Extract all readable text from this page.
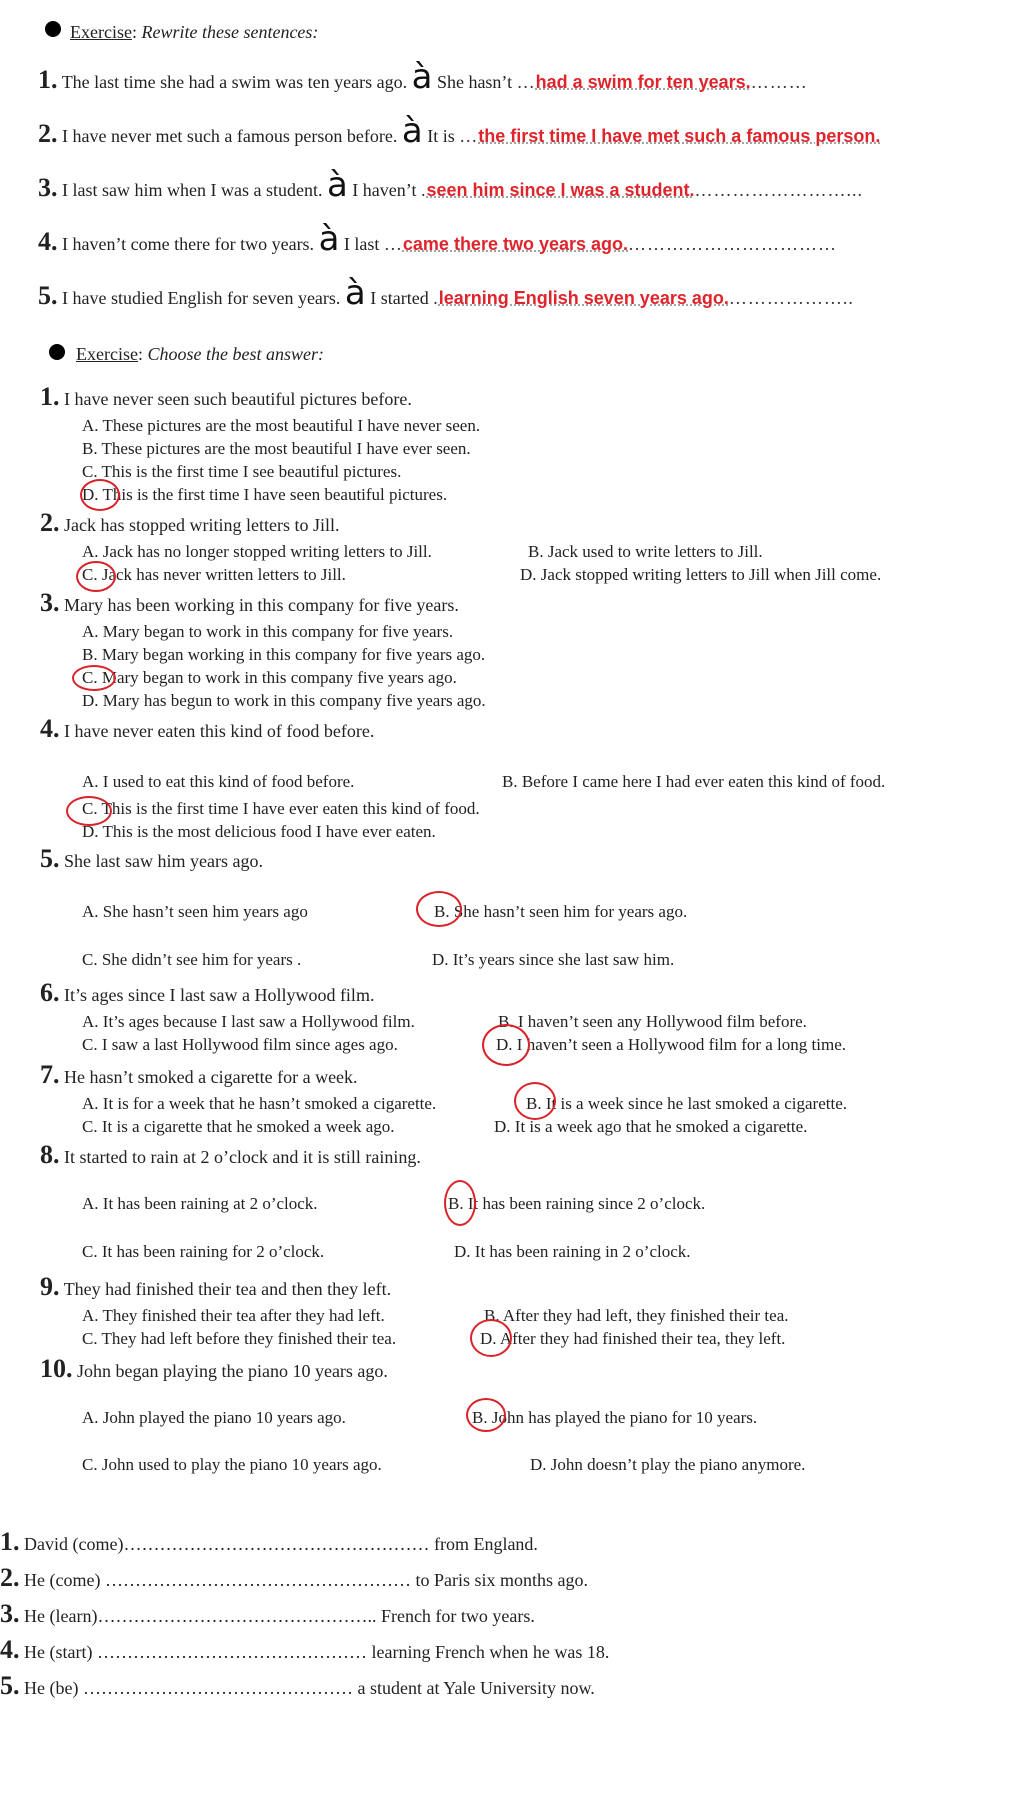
Exercise: Rewrite these sentences:
1. The last time she had a swim was ten years ago. à She hasn’t …had a swim for ten years.………
2. I have never met such a famous person before. à It is …the first time I have met such a famous person.
3. I last saw him when I was a student. à I haven’t .seen him since I was a student.……………………...
4. I haven’t come there for two years. à I last …came there two years ago.……………………………
5. I have studied English for seven years. à I started .learning English seven years ago.………………..
Exercise: Choose the best answer:
1. I have never seen such beautiful pictures before.
A. These pictures are the most beautiful I have never seen.
B. These pictures are the most beautiful I have ever seen.
C. This is the first time I see beautiful pictures.
D. This is the first time I have seen beautiful pictures.
2. Jack has stopped writing letters to Jill.
A. Jack has no longer stopped writing letters to Jill.	B. Jack used to write letters to Jill.
C. Jack has never written letters to Jill.	D. Jack stopped writing letters to Jill when Jill come.
3. Mary has been working in this company for five years.
A. Mary began to work in this company for five years.
B. Mary began working in this company for five years ago.
C. Mary began to work in this company five years ago.
D. Mary has begun to work in this company five years ago.
4. I have never eaten this kind of food before.
A. I used to eat this kind of food before.	B. Before I came here I had ever eaten this kind of food.
C. This is the first time I have ever eaten this kind of food.
D. This is the most delicious food I have ever eaten.
5. She last saw him years ago.
A. She hasn’t seen him years ago	B. She hasn’t seen him for years ago.
C. She didn’t see him for years .	D. It’s years since she last saw him.
6. It’s ages since I last saw a Hollywood film.
A. It’s ages because I last saw a Hollywood film.	B. I haven’t seen any Hollywood film before.
C. I saw a last Hollywood film since ages ago.	D. I haven’t seen a Hollywood film for a long time.
7. He hasn’t smoked a cigarette for a week.
A. It is for a week that he hasn’t smoked a cigarette.	B. It is a week since he last smoked a cigarette.
C. It is a cigarette that he smoked a week ago.	D. It is a week ago that he smoked a cigarette.
8. It started to rain at 2 o’clock and it is still raining.
A. It has been raining at 2 o’clock.	B. It has been raining since 2 o’clock.
C. It has been raining for 2 o’clock.	D. It has been raining in 2 o’clock.
9. They had finished their tea and then they left.
A. They finished their tea after they had left.	B. After they had left, they finished their tea.
C. They had left before they finished their tea.	D. After they had finished their tea, they left.
10. John began playing the piano 10 years ago.
A. John played the piano 10 years ago.	B. John has played the piano for 10 years.
C. John used to play the piano 10 years ago.	D. John doesn’t play the piano anymore.
1. David (come)…………………………………………… from England.
2. He (come) …………………………………………… to Paris six months ago.
3. He (learn)……………………………………….. French for two years.
4. He (start) ……………………………………… learning French when he was 18.
5. He (be) ……………………………………… a student at Yale University now.
